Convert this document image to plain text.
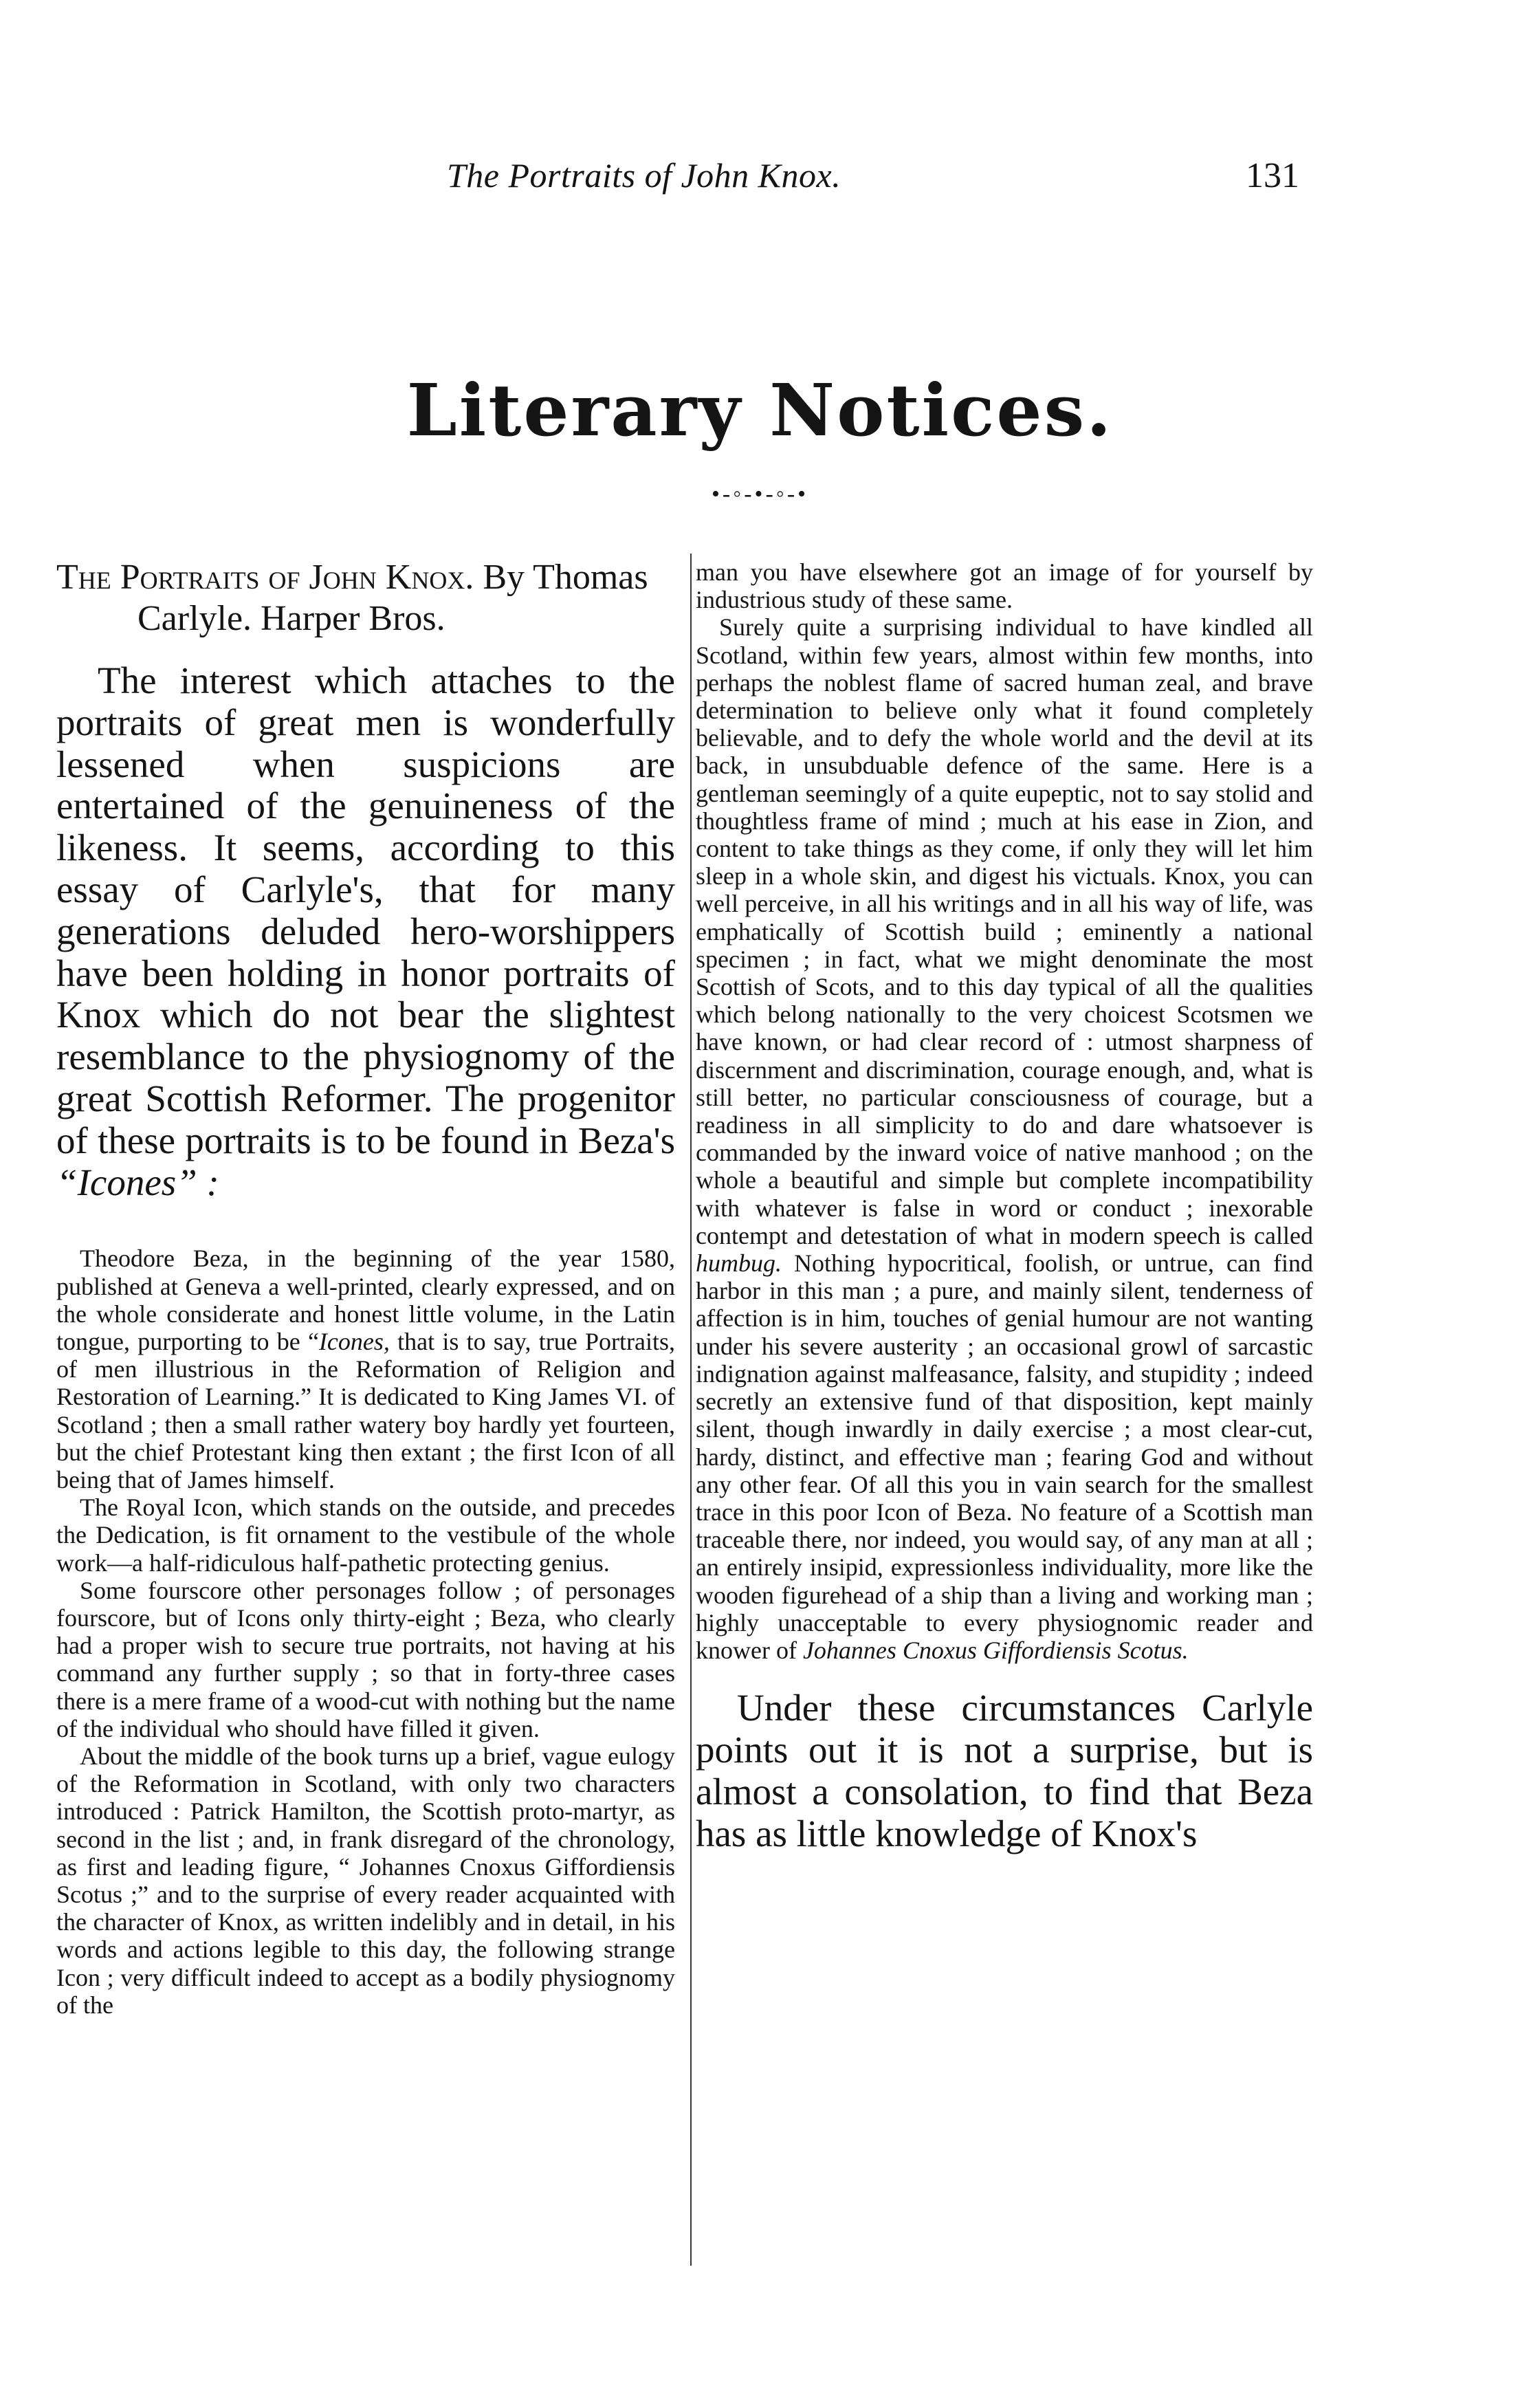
The Portraits of John Knox.	131
Literary Notices.
•-◦-•-◦-•

The Portraits of John Knox. By Thomas Carlyle. Harper Bros.

The interest which attaches to the portraits of great men is wonderfully lessened when suspicions are entertained of the genuineness of the likeness. It seems, according to this essay of Carlyle's, that for many generations deluded hero-worshippers have been holding in honor portraits of Knox which do not bear the slightest resemblance to the physiognomy of the great Scottish Reformer. The progenitor of these portraits is to be found in Beza's “Icones” :

Theodore Beza, in the beginning of the year 1580, published at Geneva a well-printed, clearly expressed, and on the whole considerate and honest little volume, in the Latin tongue, purporting to be “Icones, that is to say, true Portraits, of men illustrious in the Reformation of Religion and Restoration of Learning.” It is dedicated to King James VI. of Scotland ; then a small rather watery boy hardly yet fourteen, but the chief Protestant king then extant ; the first Icon of all being that of James himself.

The Royal Icon, which stands on the outside, and precedes the Dedication, is fit ornament to the vestibule of the whole work—a half-ridiculous half-pathetic protecting genius.

Some fourscore other personages follow ; of personages fourscore, but of Icons only thirty-eight ; Beza, who clearly had a proper wish to secure true portraits, not having at his command any further supply ; so that in forty-three cases there is a mere frame of a wood-cut with nothing but the name of the individual who should have filled it given.

About the middle of the book turns up a brief, vague eulogy of the Reformation in Scotland, with only two characters introduced : Patrick Hamilton, the Scottish proto-martyr, as second in the list ; and, in frank disregard of the chronology, as first and leading figure, “ Johannes Cnoxus Giffordiensis Scotus ;” and to the surprise of every reader acquainted with the character of Knox, as written indelibly and in detail, in his words and actions legible to this day, the following strange Icon ; very difficult indeed to accept as a bodily physiognomy of the

man you have elsewhere got an image of for yourself by industrious study of these same.

Surely quite a surprising individual to have kindled all Scotland, within few years, almost within few months, into perhaps the noblest flame of sacred human zeal, and brave determination to believe only what it found completely believable, and to defy the whole world and the devil at its back, in unsubduable defence of the same. Here is a gentleman seemingly of a quite eupeptic, not to say stolid and thoughtless frame of mind ; much at his ease in Zion, and content to take things as they come, if only they will let him sleep in a whole skin, and digest his victuals. Knox, you can well perceive, in all his writings and in all his way of life, was emphatically of Scottish build ; eminently a national specimen ; in fact, what we might denominate the most Scottish of Scots, and to this day typical of all the qualities which belong nationally to the very choicest Scotsmen we have known, or had clear record of : utmost sharpness of discernment and discrimination, courage enough, and, what is still better, no particular consciousness of courage, but a readiness in all simplicity to do and dare whatsoever is commanded by the inward voice of native manhood ; on the whole a beautiful and simple but complete incompatibility with whatever is false in word or conduct ; inexorable contempt and detestation of what in modern speech is called humbug. Nothing hypocritical, foolish, or untrue, can find harbor in this man ; a pure, and mainly silent, tenderness of affection is in him, touches of genial humour are not wanting under his severe austerity ; an occasional growl of sarcastic indignation against malfeasance, falsity, and stupidity ; indeed secretly an extensive fund of that disposition, kept mainly silent, though inwardly in daily exercise ; a most clear-cut, hardy, distinct, and effective man ; fearing God and without any other fear. Of all this you in vain search for the smallest trace in this poor Icon of Beza. No feature of a Scottish man traceable there, nor indeed, you would say, of any man at all ; an entirely insipid, expressionless individuality, more like the wooden figurehead of a ship than a living and working man ; highly unacceptable to every physiognomic reader and knower of Johannes Cnoxus Giffordiensis Scotus.

Under these circumstances Carlyle points out it is not a surprise, but is almost a consolation, to find that Beza has as little knowledge of Knox's
